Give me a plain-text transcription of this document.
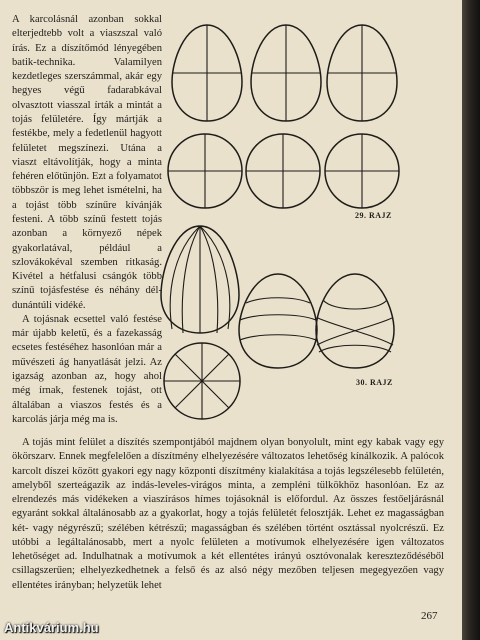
A karcolásnál azonban sokkal elterjedtebb volt a viaszszal való írás. Ez a díszítőmód lényegében batik-technika. Valamilyen kezdetleges szerszámmal, akár egy hegyes végű fadarabkával olvasztott viasszal írták a mintát a tojás felületére. Így mártják a festékbe, mely a fedetlenül hagyott felületet megszínezi. Utána a viaszt eltávolítják, hogy a minta fehéren előtűnjön. Ezt a folyamatot többször is meg lehet ismételni, ha a tojást több színűre kívánják festeni. A több színű festett tojás azonban a környező népek gyakorlatával, például a szlovákokéval szemben ritkaság. Kivétel a hétfalusi csángók több színű tojásfestése és néhány dél-dunántúli vidéké.

A tojásnak ecsettel való festése már újabb keletű, és a fazekasság ecsetes festéséhez hasonlóan már a művészeti ág hanyatlását jelzi. Az igazság azonban az, hogy ahol még írnak, festenek tojást, ott általában a viaszos festés és a karcolás járja még ma is.

29. RAJZ
30. RAJZ

A tojás mint felület a díszítés szempontjából majdnem olyan bonyolult, mint egy kabak vagy egy ökörszarv. Ennek megfelelően a díszítmény elhelyezésére változatos lehetőség kínálkozik. A palócok karcolt díszei között gyakori egy nagy központi díszítmény kialakítása a tojás legszélesebb felületén, amelyből szerteágazik az indás-leveles-virágos minta, a zempléni tülkökhöz hasonlóan. Ez az elrendezés más vidékeken a viaszírásos hímes tojásoknál is előfordul. Az összes festőeljárásnál egyaránt sokkal általánosabb az a gyakorlat, hogy a tojás felületét felosztják. Lehet ez magasságban két- vagy négyrészű; szélében kétrészű; magasságban és szélében történt osztással nyolcrészű. Ez utóbbi a legáltalánosabb, mert a nyolc felületen a motívumok elhelyezésére igen változatos lehetőséget ad. Indulhatnak a motívumok a két ellentétes irányú osztóvonalak kereszteződéséből csillagszerűen; elhelyezkedhetnek a felső és az alsó négy mezőben teljesen megegyezően vagy ellentétes irányban; helyzetük lehet

267
Antikvárium.hu
